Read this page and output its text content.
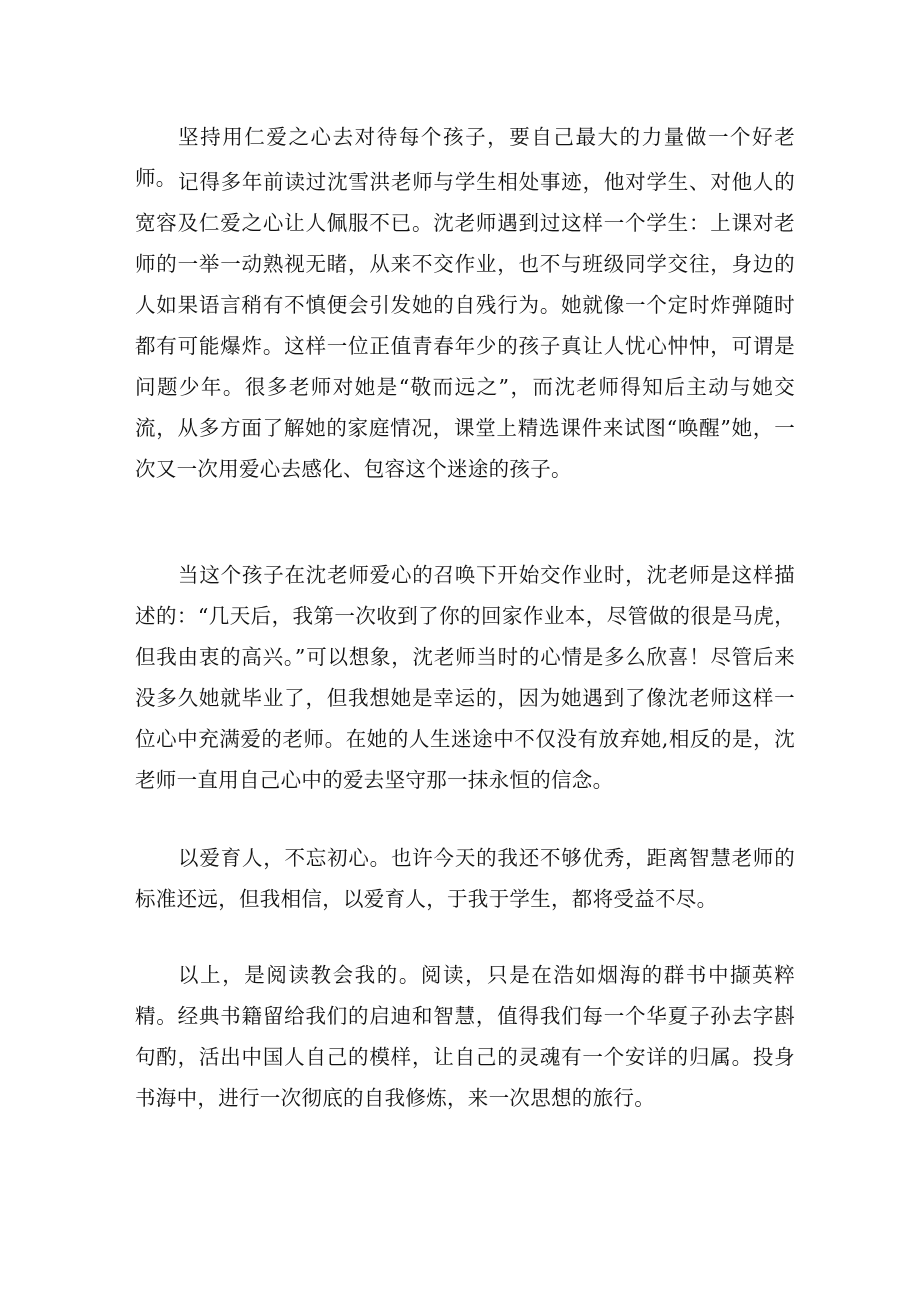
坚持用仁爱之心去对待每个孩子，要自己最大的力量做一个好老师。 记得多年前读过沈雪洪老师与学生相处事迹，他对学生、对他人的宽容及仁爱之心让人佩服不已。沈老师遇到过这样一个学生：上课对老师的一举一动熟视无睹，从来不交作业，也不与班级同学交往，身边的人如果语言稍有不慎便会引发她的自残行为。她就像一个定时炸弹随时都有可能爆炸。这样一位正值青春年少的孩子真让人忧心忡忡，可谓是问题少年。很多老师对她是“敬而远之”，而沈老师得知后主动与她交流，从多方面了解她的家庭情况，课堂上精选课件来试图“唤醒”她，一次又一次用爱心去感化、包容这个迷途的孩子。

当这个孩子在沈老师爱心的召唤下开始交作业时，沈老师是这样描述的：“几天后，我第一次收到了你的回家作业本，尽管做的很是马虎，但我由衷的高兴。”可以想象，沈老师当时的心情是多么欣喜！尽管后来没多久她就毕业了，但我想她是幸运的，因为她遇到了像沈老师这样一位心中充满爱的老师。在她的人生迷途中不仅没有放弃她,相反的是，沈老师一直用自己心中的爱去坚守那一抹永恒的信念。

以爱育人，不忘初心。也许今天的我还不够优秀，距离智慧老师的标准还远，但我相信，以爱育人，于我于学生，都将受益不尽。

以上，是阅读教会我的。阅读，只是在浩如烟海的群书中撷英粹精。经典书籍留给我们的启迪和智慧，值得我们每一个华夏子孙去字斟句酌，活出中国人自己的模样，让自己的灵魂有一个安详的归属。投身书海中，进行一次彻底的自我修炼，来一次思想的旅行。
